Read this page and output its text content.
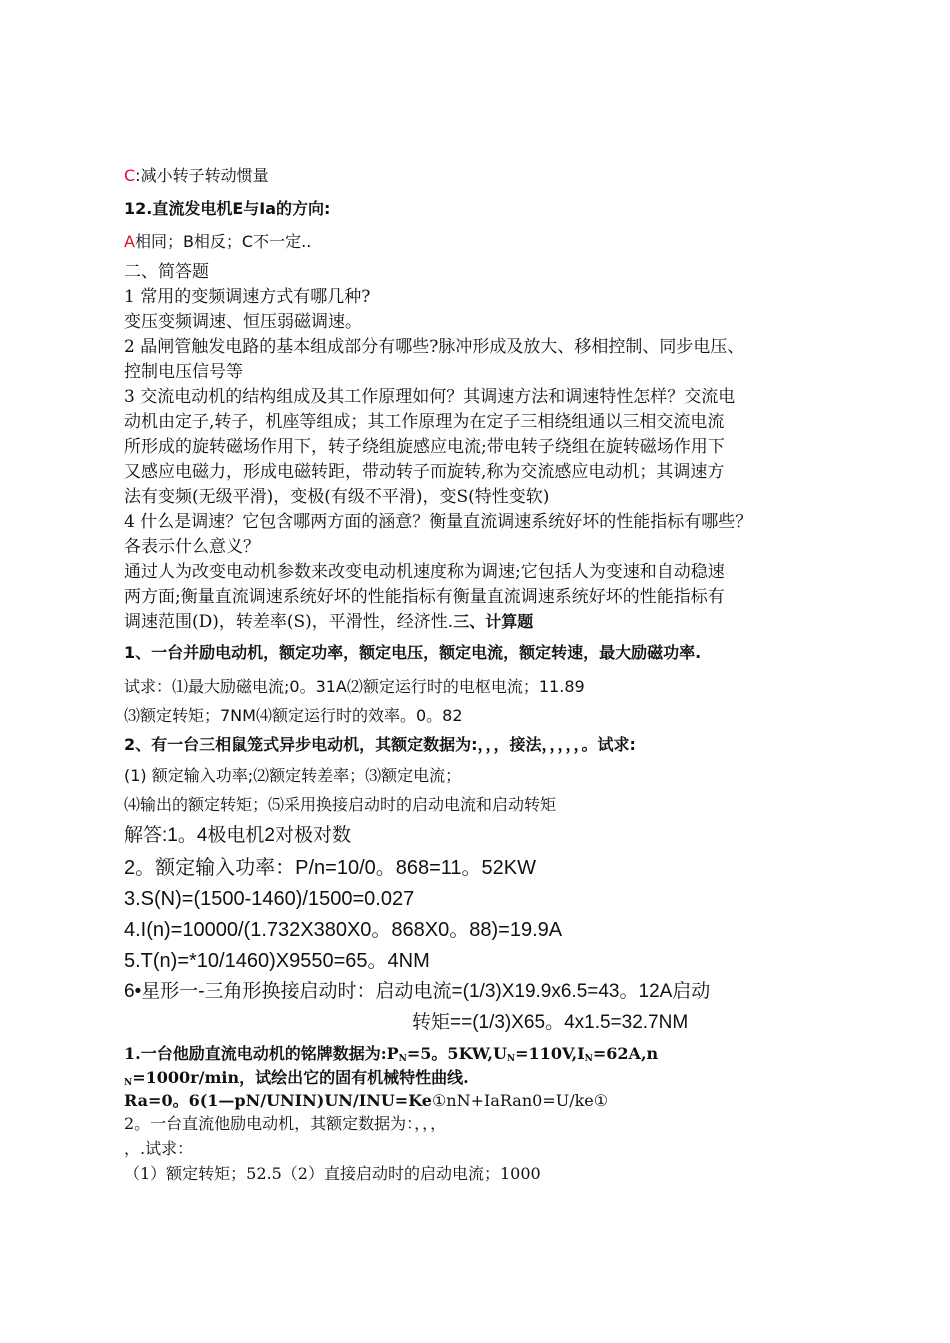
C:减小转子转动惯量
12.直流发电机E与Ia的方向:
A相同；B相反；C不一定..
二、简答题
1 常用的变频调速方式有哪几种?
变压变频调速、恒压弱磁调速。
2 晶闸管触发电路的基本组成部分有哪些?脉冲形成及放大、移相控制、同步电压、
控制电压信号等
3 交流电动机的结构组成及其工作原理如何？其调速方法和调速特性怎样？交流电
动机由定子,转子，机座等组成；其工作原理为在定子三相绕组通以三相交流电流
所形成的旋转磁场作用下，转子绕组旋感应电流;带电转子绕组在旋转磁场作用下
又感应电磁力，形成电磁转距，带动转子而旋转,称为交流感应电动机；其调速方
法有变频(无级平滑)，变极(有级不平滑)，变S(特性变软)
4 什么是调速？它包含哪两方面的涵意？衡量直流调速系统好坏的性能指标有哪些？
各表示什么意义？
通过人为改变电动机参数来改变电动机速度称为调速;它包括人为变速和自动稳速
两方面;衡量直流调速系统好坏的性能指标有衡量直流调速系统好坏的性能指标有
调速范围(D)，转差率(S)，平滑性，经济性.三、计算题
1、一台并励电动机，额定功率，额定电压，额定电流，额定转速，最大励磁功率.
试求：⑴最大励磁电流;0。31A⑵额定运行时的电枢电流；11.89
⑶额定转矩；7NM⑷额定运行时的效率。0。82
2、有一台三相鼠笼式异步电动机，其额定数据为:，，，接法，，，，，。试求:
(1) 额定输入功率;⑵额定转差率；⑶额定电流；
⑷输出的额定转矩；⑸采用换接启动时的启动电流和启动转矩
解答:1。4极电机2对极对数
2。额定输入功率：P/n=10/0。868=11。52KW
3.S(N)=(1500-1460)/1500=0.027
4.I(n)=10000/(1.732X380X0。868X0。88)=19.9A
5.T(n)=*10/1460)X9550=65。4NM
6•星形一-三角形换接启动时：启动电流=(1/3)X19.9x6.5=43。12A启动
转矩==(1/3)X65。4x1.5=32.7NM
1.一台他励直流电动机的铭牌数据为$:P_N=5$。$5KW,U_N=110V,I_N=62A,n$
$_N$=1000r/min，试绘出它的固有机械特性曲线.
Ra=0。6(1—pN/UNIN)UN/INU=Ke①nN+IaRan0=U/ke①
2。一台直流他励电动机，其额定数据为：，，，
，.试求：
（1）额定转矩；52.5（2）直接启动时的启动电流；1000
